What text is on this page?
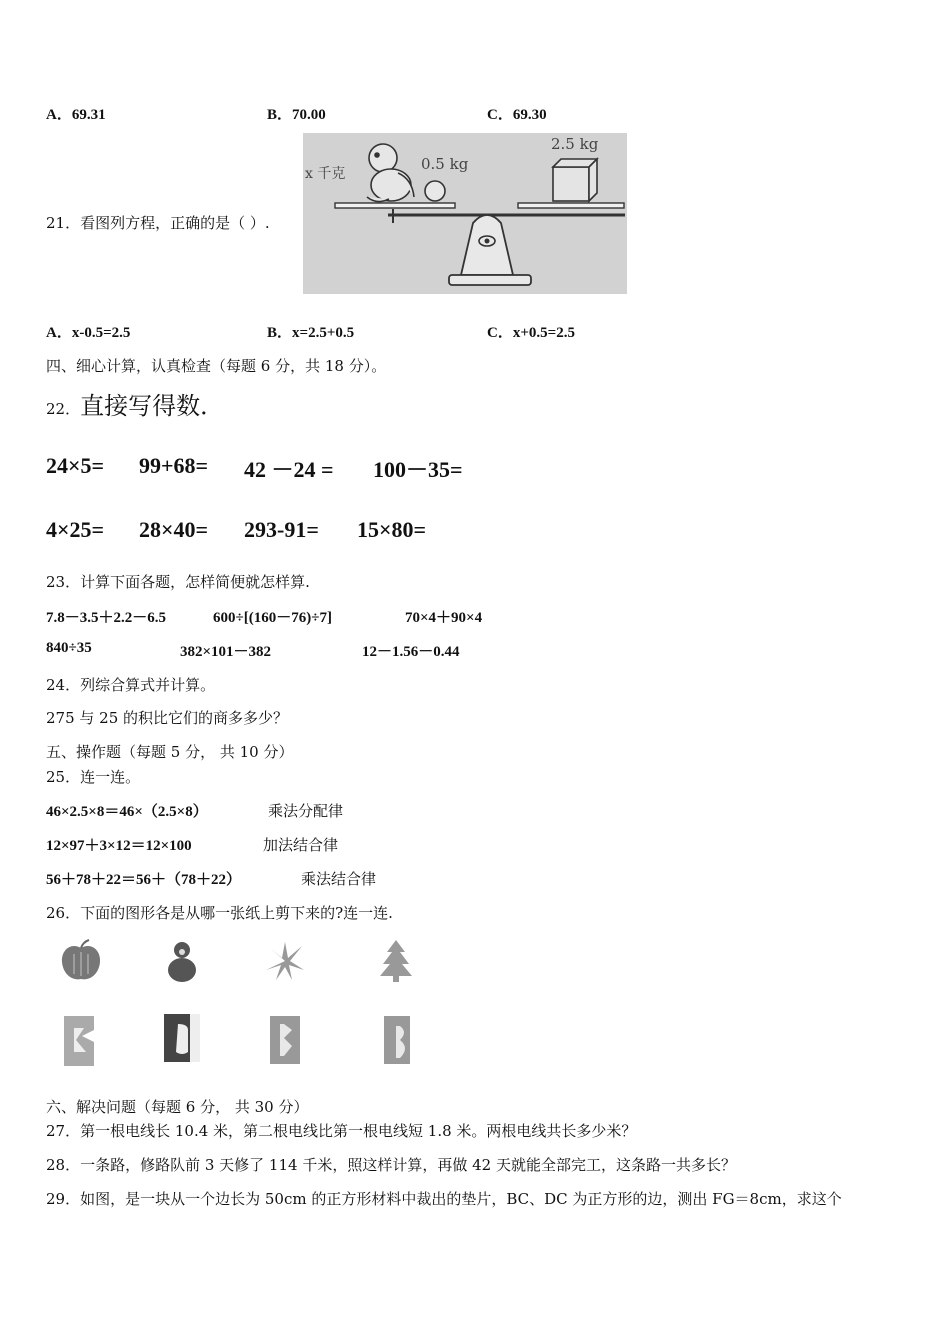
A．69.31	B．70.00	C．69.30
21．看图列方程，正确的是（ ）.
x 千克
0.5 kg
2.5 kg
A．x-0.5=2.5	B．x=2.5+0.5	C．x+0.5=2.5
四、细心计算，认真检查（每题 6 分，共 18 分）。
22．直接写得数．
24×5= 99+68= 42 －24 = 100－35=
4×25= 28×40= 293-91= 15×80=
23．计算下面各题，怎样简便就怎样算.
7.8－3.5＋2.2－6.5	600÷[(160－76)÷7]	70×4＋90×4
840÷35	382×101－382	12－1.56－0.44
24．列综合算式并计算。
275 与 25 的积比它们的商多多少？
五、操作题（每题 5 分， 共 10 分）
25．连一连。
46×2.5×8＝46×（2.5×8）	乘法分配律
12×97＋3×12＝12×100	加法结合律
56＋78＋22＝56＋（78＋22）	乘法结合律
26．下面的图形各是从哪一张纸上剪下来的?连一连.
六、解决问题（每题 6 分， 共 30 分）
27．第一根电线长 10.4 米，第二根电线比第一根电线短 1.8 米。两根电线共长多少米？
28．一条路，修路队前 3 天修了 114 千米，照这样计算，再做 42 天就能全部完工，这条路一共多长？
29．如图，是一块从一个边长为 50cm 的正方形材料中裁出的垫片，BC、DC 为正方形的边，测出 FG＝8cm，求这个
